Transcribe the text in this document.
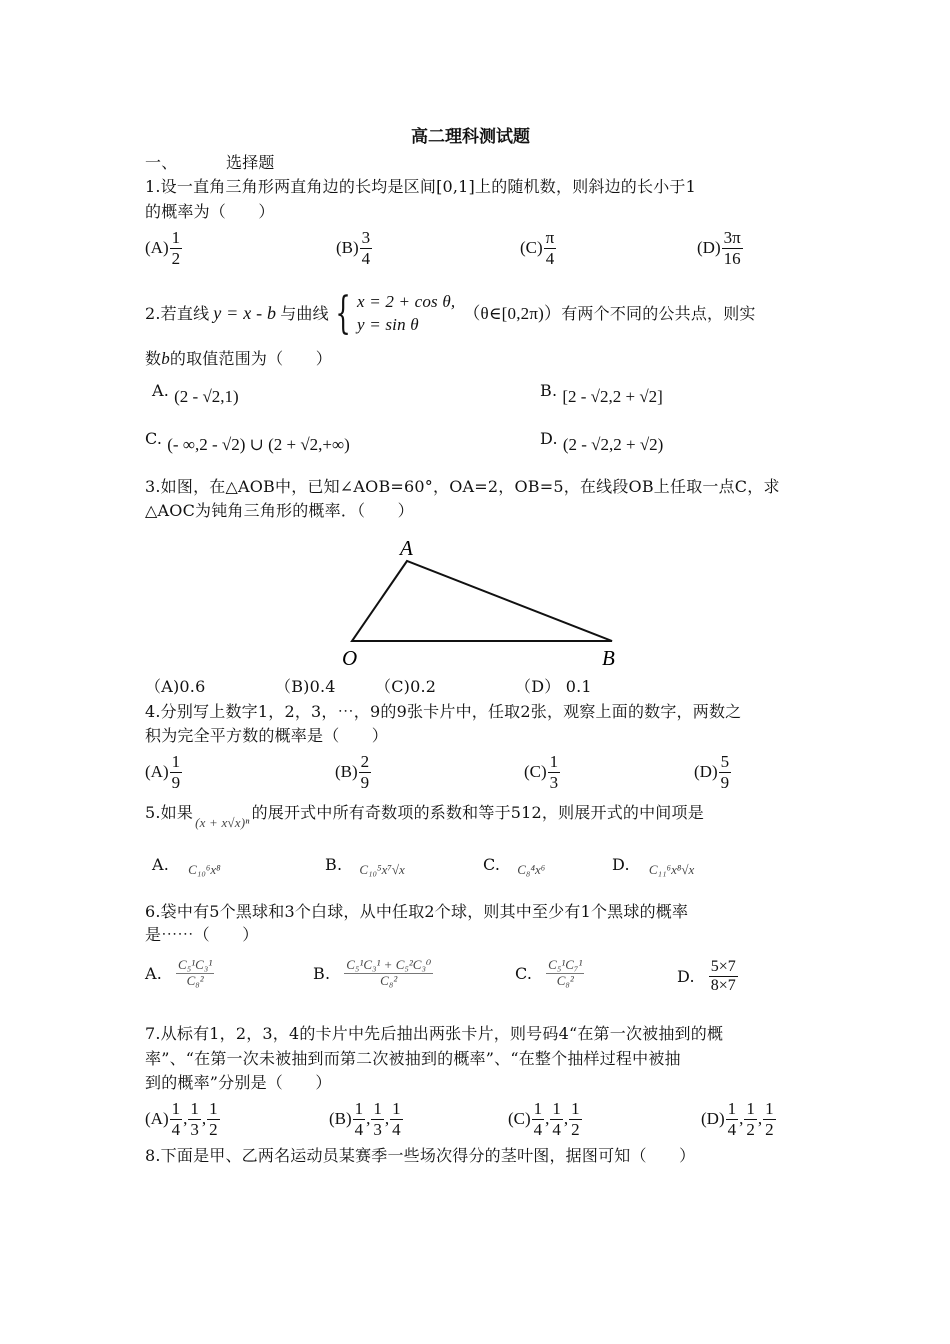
高二理科测试题
一、	选择题
1.设一直角三角形两直角边的长均是区间[0,1]上的随机数，则斜边的长小于1
的概率为（　　）
$(A) \frac{1}{2}$	$(B) \frac{3}{4}$	$(C) \frac{\pi}{4}$	$(D) \frac{3\pi}{16}$
2.若直线 y = x - b 与曲线 { x = 2 + cos θ,
y = sin θ
（θ∈[0,2π)） 有两个不同的公共点，则实
数b的取值范围为（　　）
A. (2 - √2,1)	B. [2 - √2,2 + √2]
C. (- ∞,2 - √2) ∪ (2 + √2,+∞)	D. (2 - √2,2 + √2)
3.如图，在△AOB中，已知∠AOB=60°，OA=2，OB=5，在线段OB上任取一点C，求
△AOC为钝角三角形的概率．（　　）
A
O	B
（A)0.6	（B)0.4 （C)0.2	（D） 0.1
4.分别写上数字1，2，3，⋯，9的9张卡片中，任取2张，观察上面的数字，两数之
积为完全平方数的概率是（　　）
$(A) \frac{1}{9}$	$(B) \frac{2}{9}$	$(C) \frac{1}{3}$	$(D) \frac{5}{9}$
5.如果
(x + x√x)ⁿ
的展开式中所有奇数项的系数和等于512，则展开式的中间项是
A. C₁₀⁶x⁸	B. C₁₀⁵x⁷√x	C. C₈⁴x⁶	D. C₁₁⁶x⁸√x
6.袋中有5个黑球和3个白球，从中任取2个球，则其中至少有1个黑球的概率
是⋯⋯（　　）
A. $\frac{\text{C₅¹C₃¹}}{\text{C₈²}}$	B. $\frac{\text{C₅¹C₃¹ + C₅²C₃⁰}}{\text{C₈²}}$	C. $\frac{\text{C₅¹C₇¹}}{\text{C₈²}}$	D. $\frac{5\times 7}{8\times 7}$
7.从标有1，2，3，4的卡片中先后抽出两张卡片，则号码4“在第一次被抽到的概
率”、“在第一次未被抽到而第二次被抽到的概率”、“在整个抽样过程中被抽
到的概率”分别是（　　）
$(A) \frac{1}{4}$ , $\frac{1}{3}$ , $\frac{1}{2}$	$(B) \frac{1}{4}$ , $\frac{1}{3}$ , $\frac{1}{4}$	$(C) \frac{1}{4}$ , $\frac{1}{4}$ , $\frac{1}{2}$	$(D) \frac{1}{4}$ , $\frac{1}{2}$ , $\frac{1}{2}$
8.下面是甲、乙两名运动员某赛季一些场次得分的茎叶图，据图可知（　　）
